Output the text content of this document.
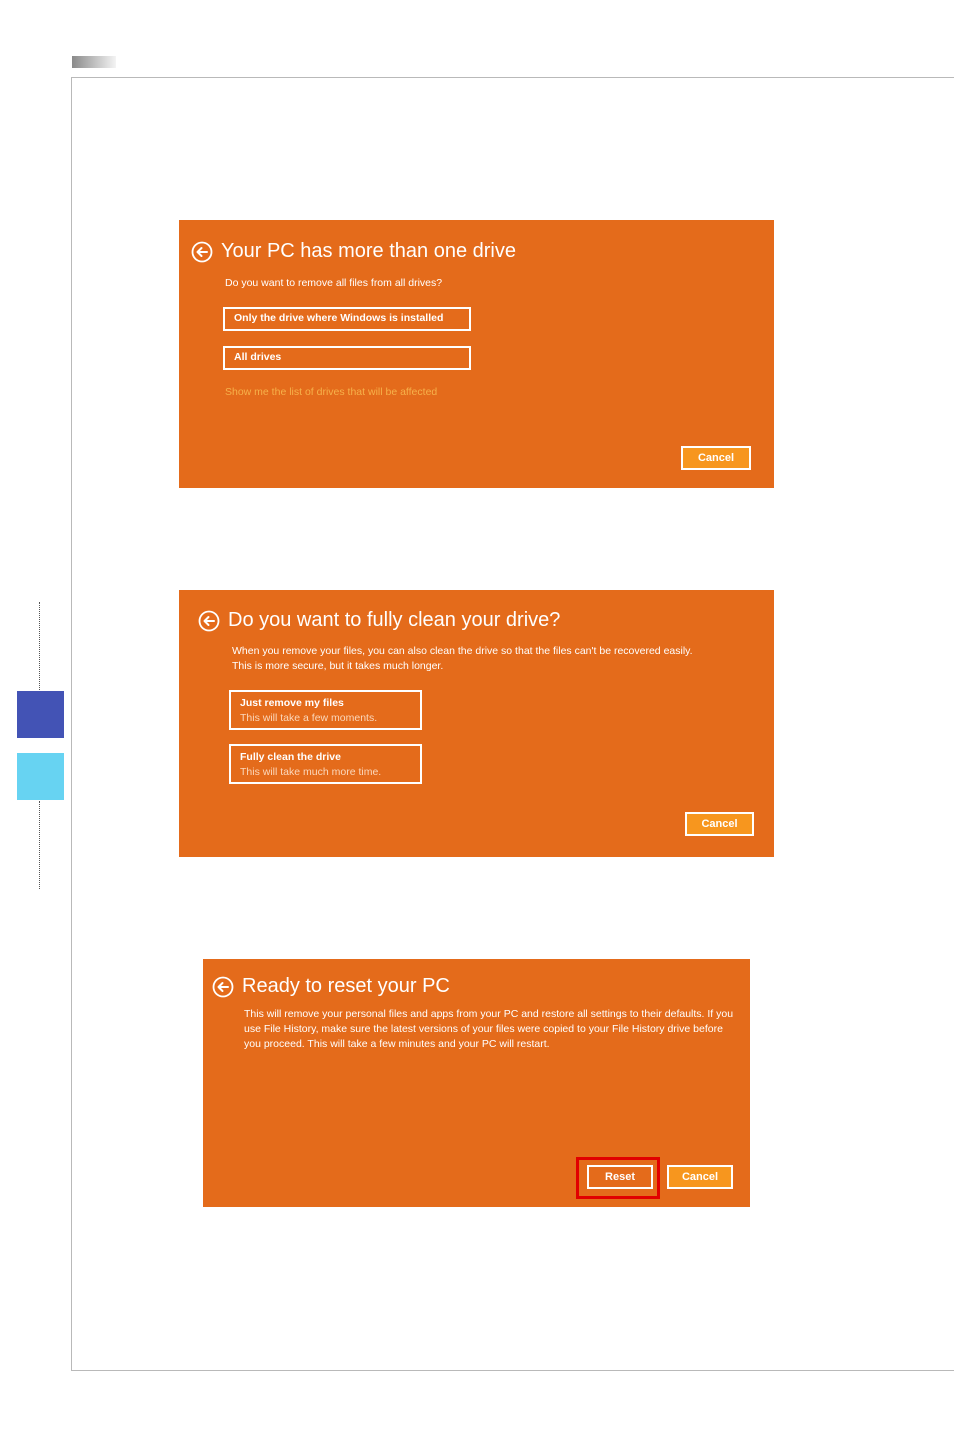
Your PC has more than one drive
Do you want to remove all files from all drives?
Only the drive where Windows is installed
All drives
Show me the list of drives that will be affected
Cancel
Do you want to fully clean your drive?
When you remove your files, you can also clean the drive so that the files can't be recovered easily.
This is more secure, but it takes much longer.
Just remove my files
This will take a few moments.
Fully clean the drive
This will take much more time.
Cancel
Ready to reset your PC
This will remove your personal files and apps from your PC and restore all settings to their defaults. If you use File History, make sure the latest versions of your files were copied to your File History drive before you proceed. This will take a few minutes and your PC will restart.
Reset	Cancel
